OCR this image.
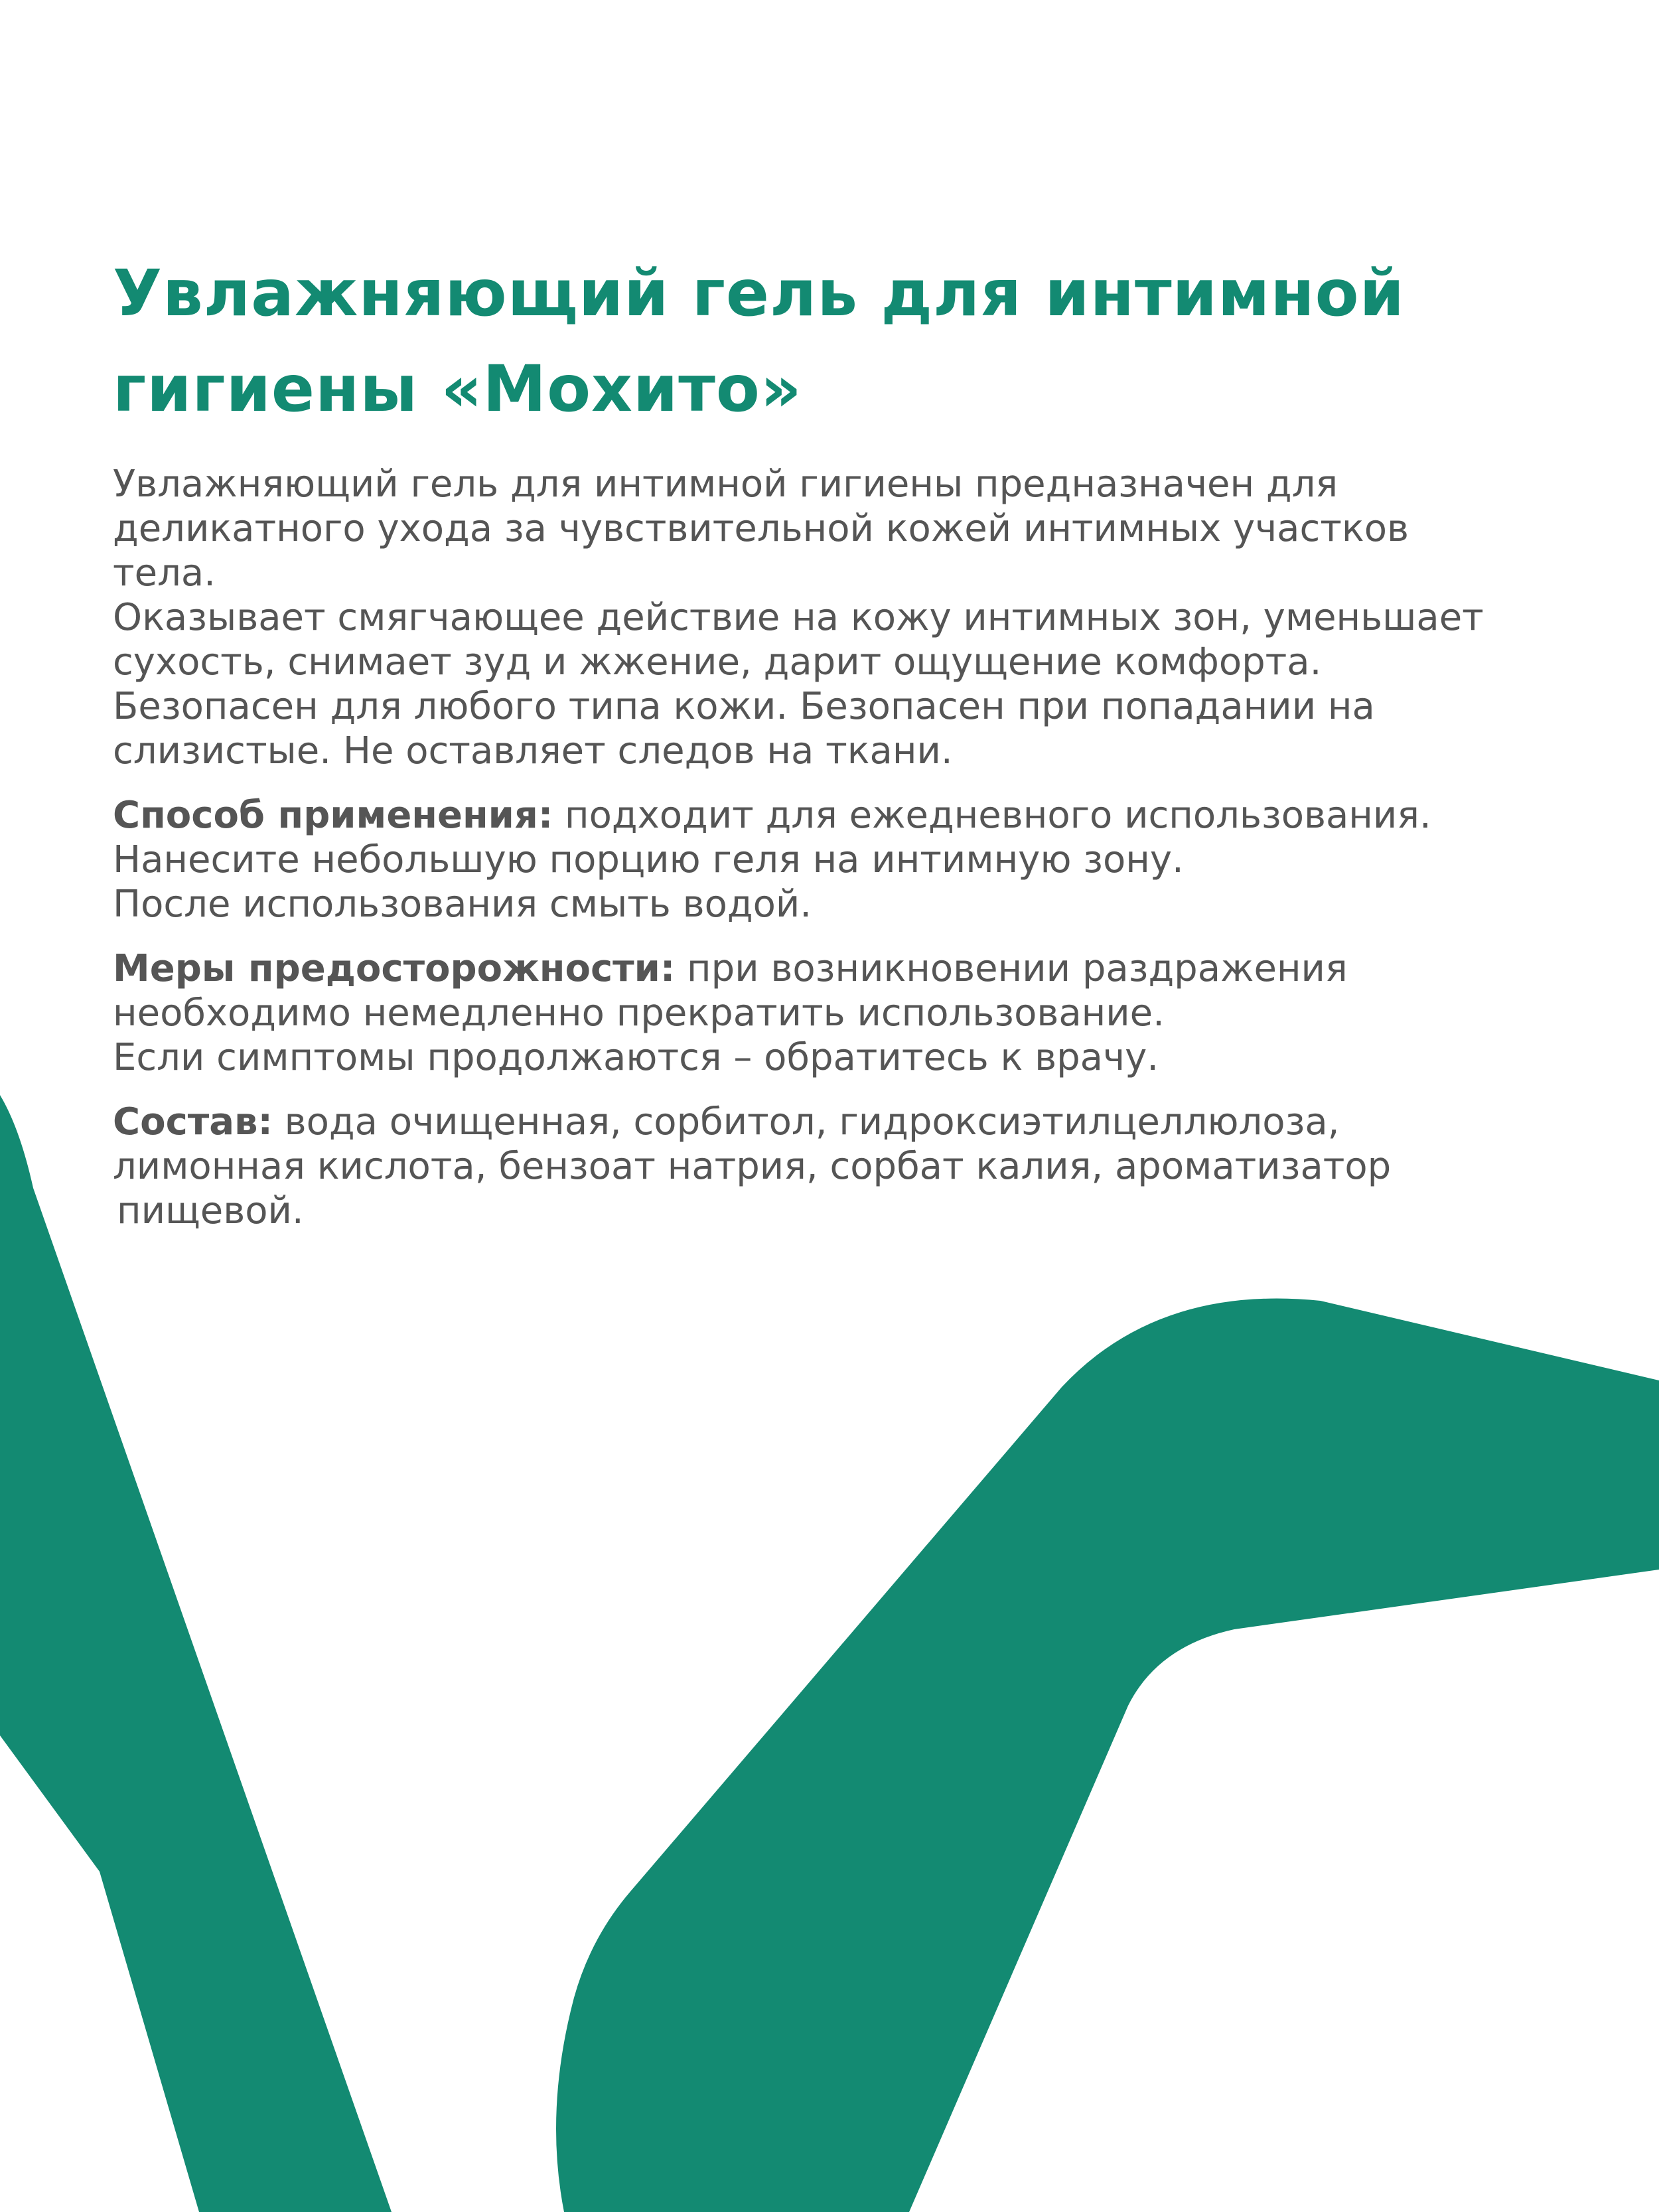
Увлажняющий гель для интимной
гигиены «Мохито»

Увлажняющий гель для интимной гигиены предназначен для
деликатного ухода за чувствительной кожей интимных участков
тела.
Оказывает смягчающее действие на кожу интимных зон, уменьшает
сухость, снимает зуд и жжение, дарит ощущение комфорта.
Безопасен для любого типа кожи. Безопасен при попадании на
слизистые. Не оставляет следов на ткани.

Способ применения: подходит для ежедневного использования.
Нанесите небольшую порцию геля на интимную зону.
После использования смыть водой.

Меры предосторожности: при возникновении раздражения
необходимо немедленно прекратить использование.
Если симптомы продолжаются – обратитесь к врачу.

Состав: вода очищенная, сорбитол, гидроксиэтилцеллюлоза,
лимонная кислота, бензоат натрия, сорбат калия, ароматизатор
пищевой.
